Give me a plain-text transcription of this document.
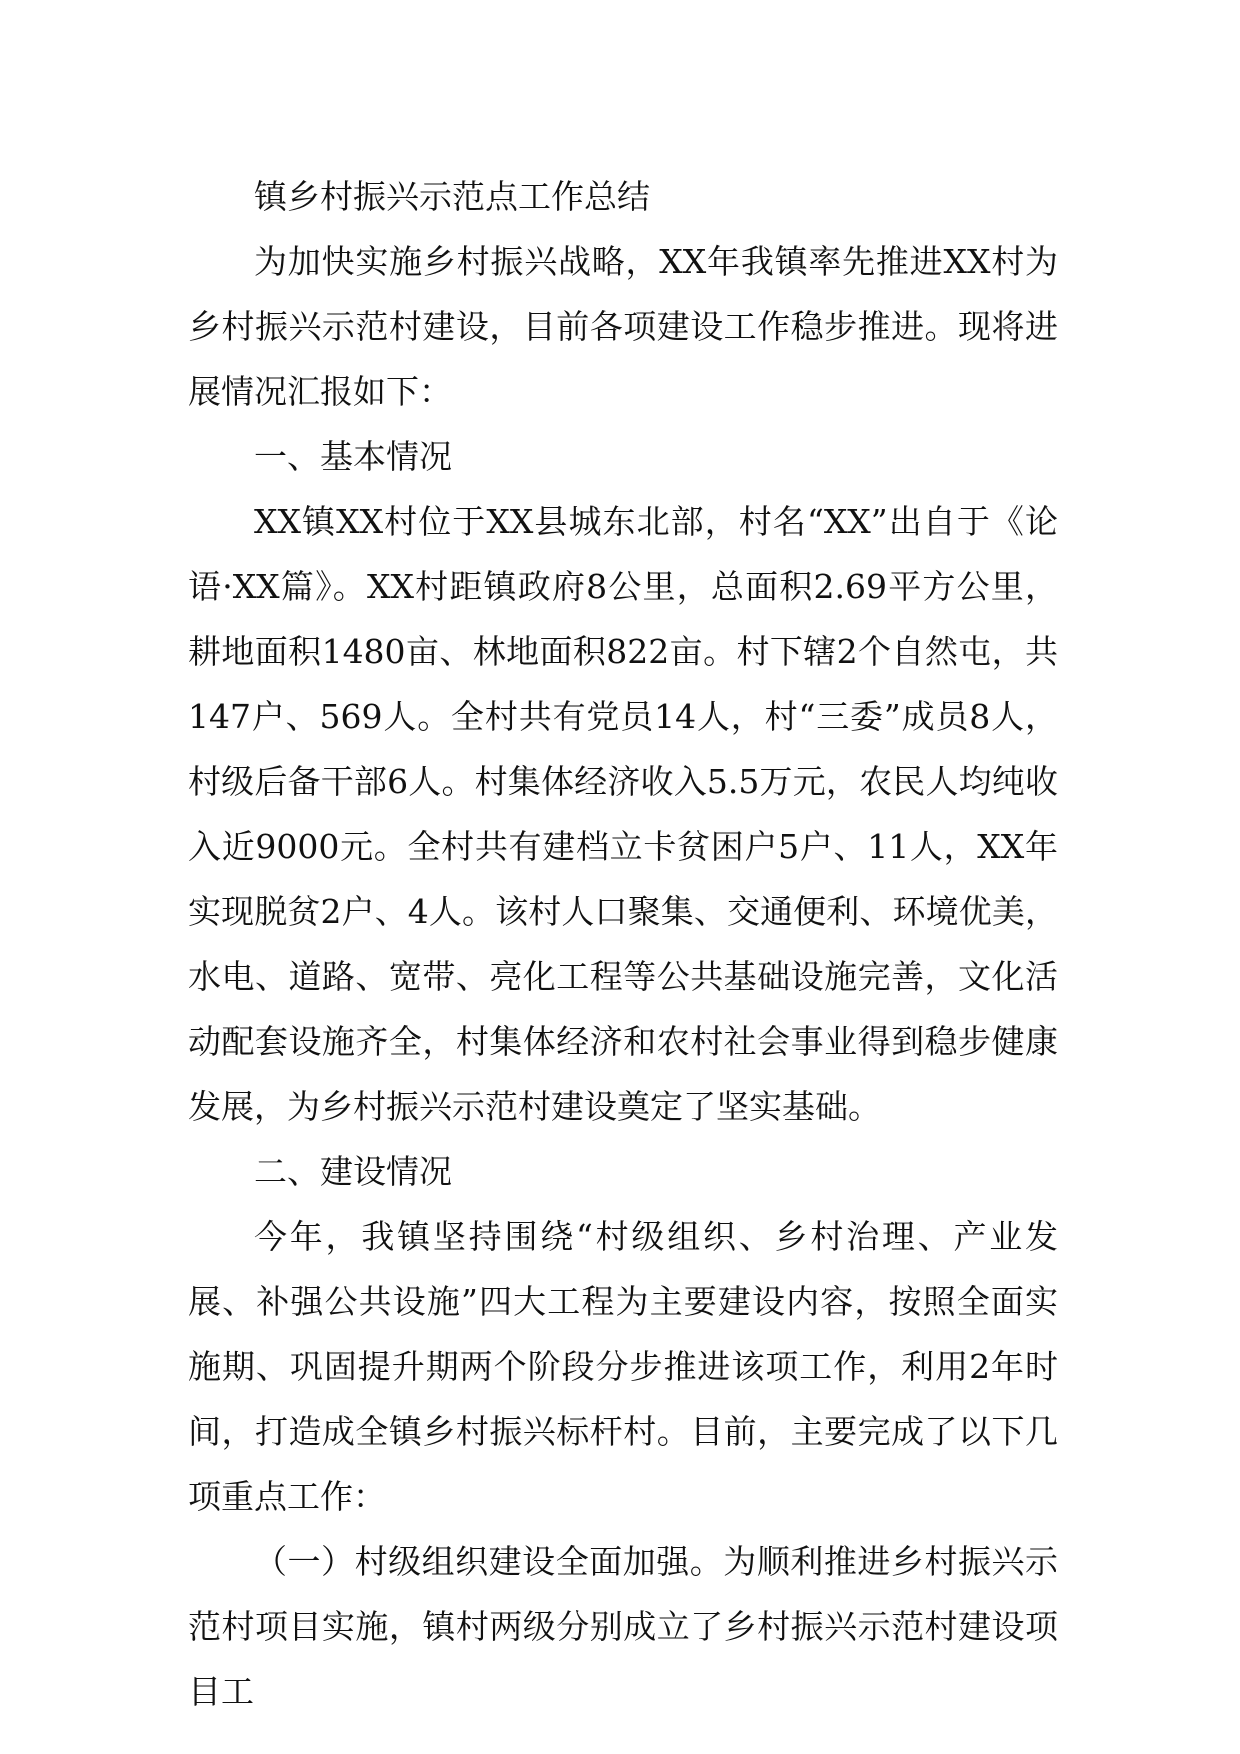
镇乡村振兴示范点工作总结

为加快实施乡村振兴战略，XX年我镇率先推进XX村为乡村振兴示范村建设，目前各项建设工作稳步推进。现将进展情况汇报如下：

一、基本情况

XX镇XX村位于XX县城东北部，村名“XX”出自于《论语·XX篇》。XX村距镇政府8公里，总面积2.69平方公里，耕地面积1480亩、林地面积822亩。村下辖2个自然屯，共147户、569人。全村共有党员14人，村“三委”成员8人，村级后备干部6人。村集体经济收入5.5万元，农民人均纯收入近9000元。全村共有建档立卡贫困户5户、11人，XX年实现脱贫2户、4人。该村人口聚集、交通便利、环境优美，水电、道路、宽带、亮化工程等公共基础设施完善，文化活动配套设施齐全，村集体经济和农村社会事业得到稳步健康发展，为乡村振兴示范村建设奠定了坚实基础。

二、建设情况

今年，我镇坚持围绕“村级组织、乡村治理、产业发展、补强公共设施”四大工程为主要建设内容，按照全面实施期、巩固提升期两个阶段分步推进该项工作，利用2年时间，打造成全镇乡村振兴标杆村。目前，主要完成了以下几项重点工作：

（一）村级组织建设全面加强。为顺利推进乡村振兴示范村项目实施，镇村两级分别成立了乡村振兴示范村建设项目工
